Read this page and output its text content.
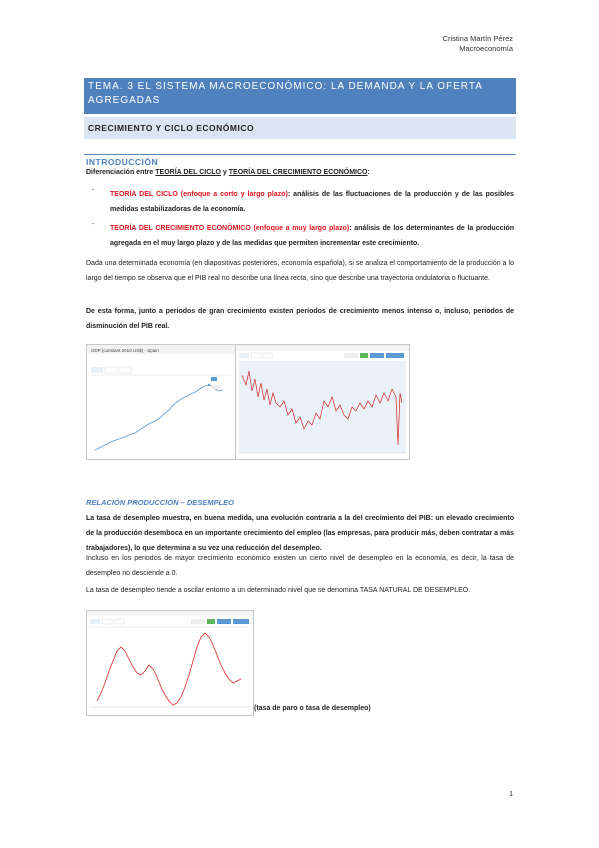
Cristina Martín Pérez
Macroeconomía
TEMA. 3 EL SISTEMA MACROECONÓMICO: LA DEMANDA Y LA OFERTA AGREGADAS
CRECIMIENTO Y CICLO ECONÓMICO
INTRODUCCIÓN
Diferenciación entre TEORÍA DEL CICLO y TEORÍA DEL CRECIMIENTO ECONÓMICO:
-
TEORÍA DEL CICLO (enfoque a corto y largo plazo): análisis de las fluctuaciones de la producción y de las posibles medidas estabilizadoras de la economía.
-
TEORÍA DEL CRECIMIENTO ECONÓMICO (enfoque a muy largo plazo): análisis de los determinantes de la producción agregada en el muy largo plazo y de las medidas que permiten incrementar este crecimiento.
Dada una determinada economía (en diapositivas posteriores, economía española), si se analiza el comportamiento de la producción a lo largo del tiempo se observa que el PIB real no describe una línea recta, sino que describe una trayectoria ondulatoria o fluctuante.
De esta forma, junto a periodos de gran crecimiento existen periodos de crecimiento menos intenso o, incluso, periodos de disminución del PIB real.
GDP (constant 2010 US$) - Spain
RELACIÓN PRODUCCIÓN – DESEMPLEO
La tasa de desempleo muestra, en buena medida, una evolución contraria a la del crecimiento del PIB: un elevado crecimiento de la producción desemboca en un importante crecimiento del empleo (las empresas, para producir más, deben contratar a más trabajadores), lo que determina a su vez una reducción del desempleo.
Incluso en los periodos de mayor crecimiento económico existen un cierto nivel de desempleo en la economía, es decir, la tasa de desempleo no desciende a 0.
La tasa de desempleo tiende a oscilar entorno a un determinado nivel que se denomina TASA NATURAL DE DESEMPLEO.
(tasa de paro o tasa de desempleo)
1
